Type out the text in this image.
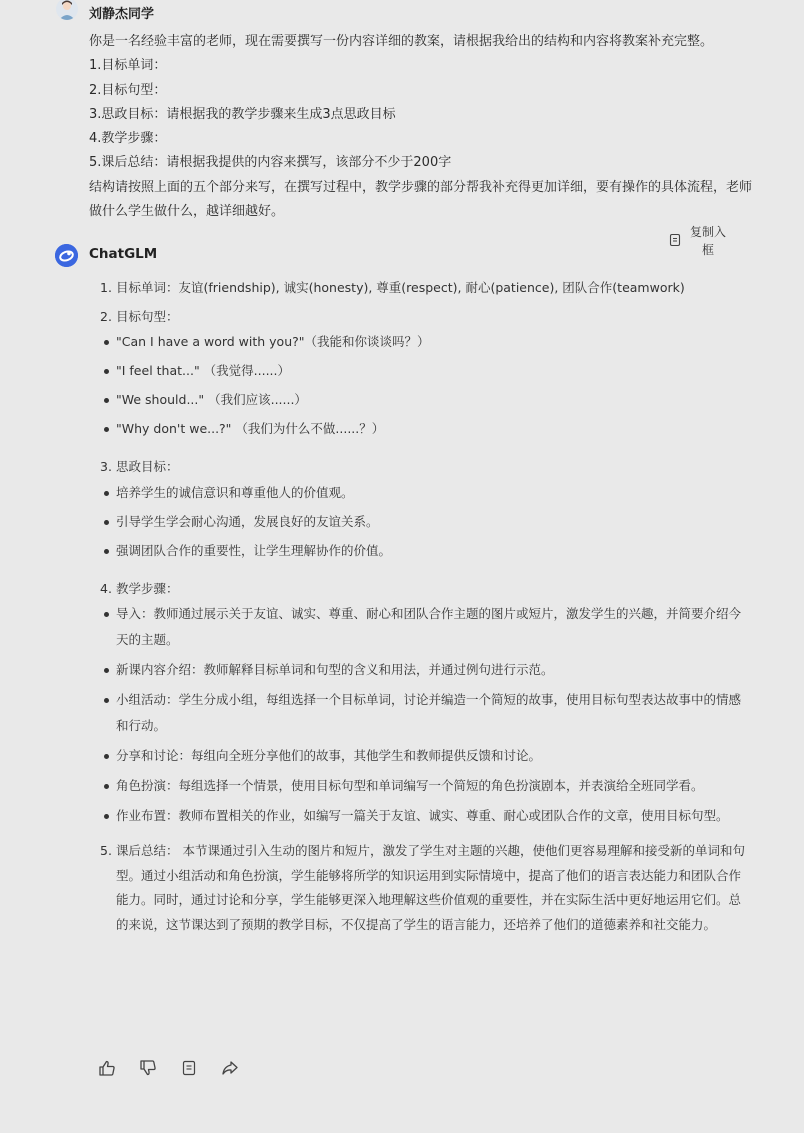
刘静杰同学

你是一名经验丰富的老师，现在需要撰写一份内容详细的教案，请根据我给出的结构和内容将教案补充完整。

1.目标单词：

2.目标句型：

3.思政目标：请根据我的教学步骤来生成3点思政目标

4.教学步骤：

5.课后总结：请根据我提供的内容来撰写，该部分不少于200字

结构请按照上面的五个部分来写，在撰写过程中，教学步骤的部分帮我补充得更加详细，要有操作的具体流程，老师做什么学生做什么，越详细越好。

复制入框
ChatGLM
1. 目标单词：友谊(friendship), 诚实(honesty), 尊重(respect), 耐心(patience), 团队合作(teamwork)
2. 目标句型：
"Can I have a word with you?"（我能和你谈谈吗？）
"I feel that..." （我觉得......）
"We should..." （我们应该......）
"Why don't we...?" （我们为什么不做......？）
3. 思政目标：
培养学生的诚信意识和尊重他人的价值观。
引导学生学会耐心沟通，发展良好的友谊关系。
强调团队合作的重要性，让学生理解协作的价值。
4. 教学步骤：
导入：教师通过展示关于友谊、诚实、尊重、耐心和团队合作主题的图片或短片，激发学生的兴趣，并简要介绍今天的主题。
新课内容介绍：教师解释目标单词和句型的含义和用法，并通过例句进行示范。
小组活动：学生分成小组，每组选择一个目标单词，讨论并编造一个简短的故事，使用目标句型表达故事中的情感和行动。
分享和讨论：每组向全班分享他们的故事，其他学生和教师提供反馈和讨论。
角色扮演：每组选择一个情景，使用目标句型和单词编写一个简短的角色扮演剧本，并表演给全班同学看。
作业布置：教师布置相关的作业，如编写一篇关于友谊、诚实、尊重、耐心或团队合作的文章，使用目标句型。
5. 课后总结： 本节课通过引入生动的图片和短片，激发了学生对主题的兴趣，使他们更容易理解和接受新的单词和句型。通过小组活动和角色扮演，学生能够将所学的知识运用到实际情境中，提高了他们的语言表达能力和团队合作能力。同时，通过讨论和分享，学生能够更深入地理解这些价值观的重要性，并在实际生活中更好地运用它们。总的来说，这节课达到了预期的教学目标，不仅提高了学生的语言能力，还培养了他们的道德素养和社交能力。
